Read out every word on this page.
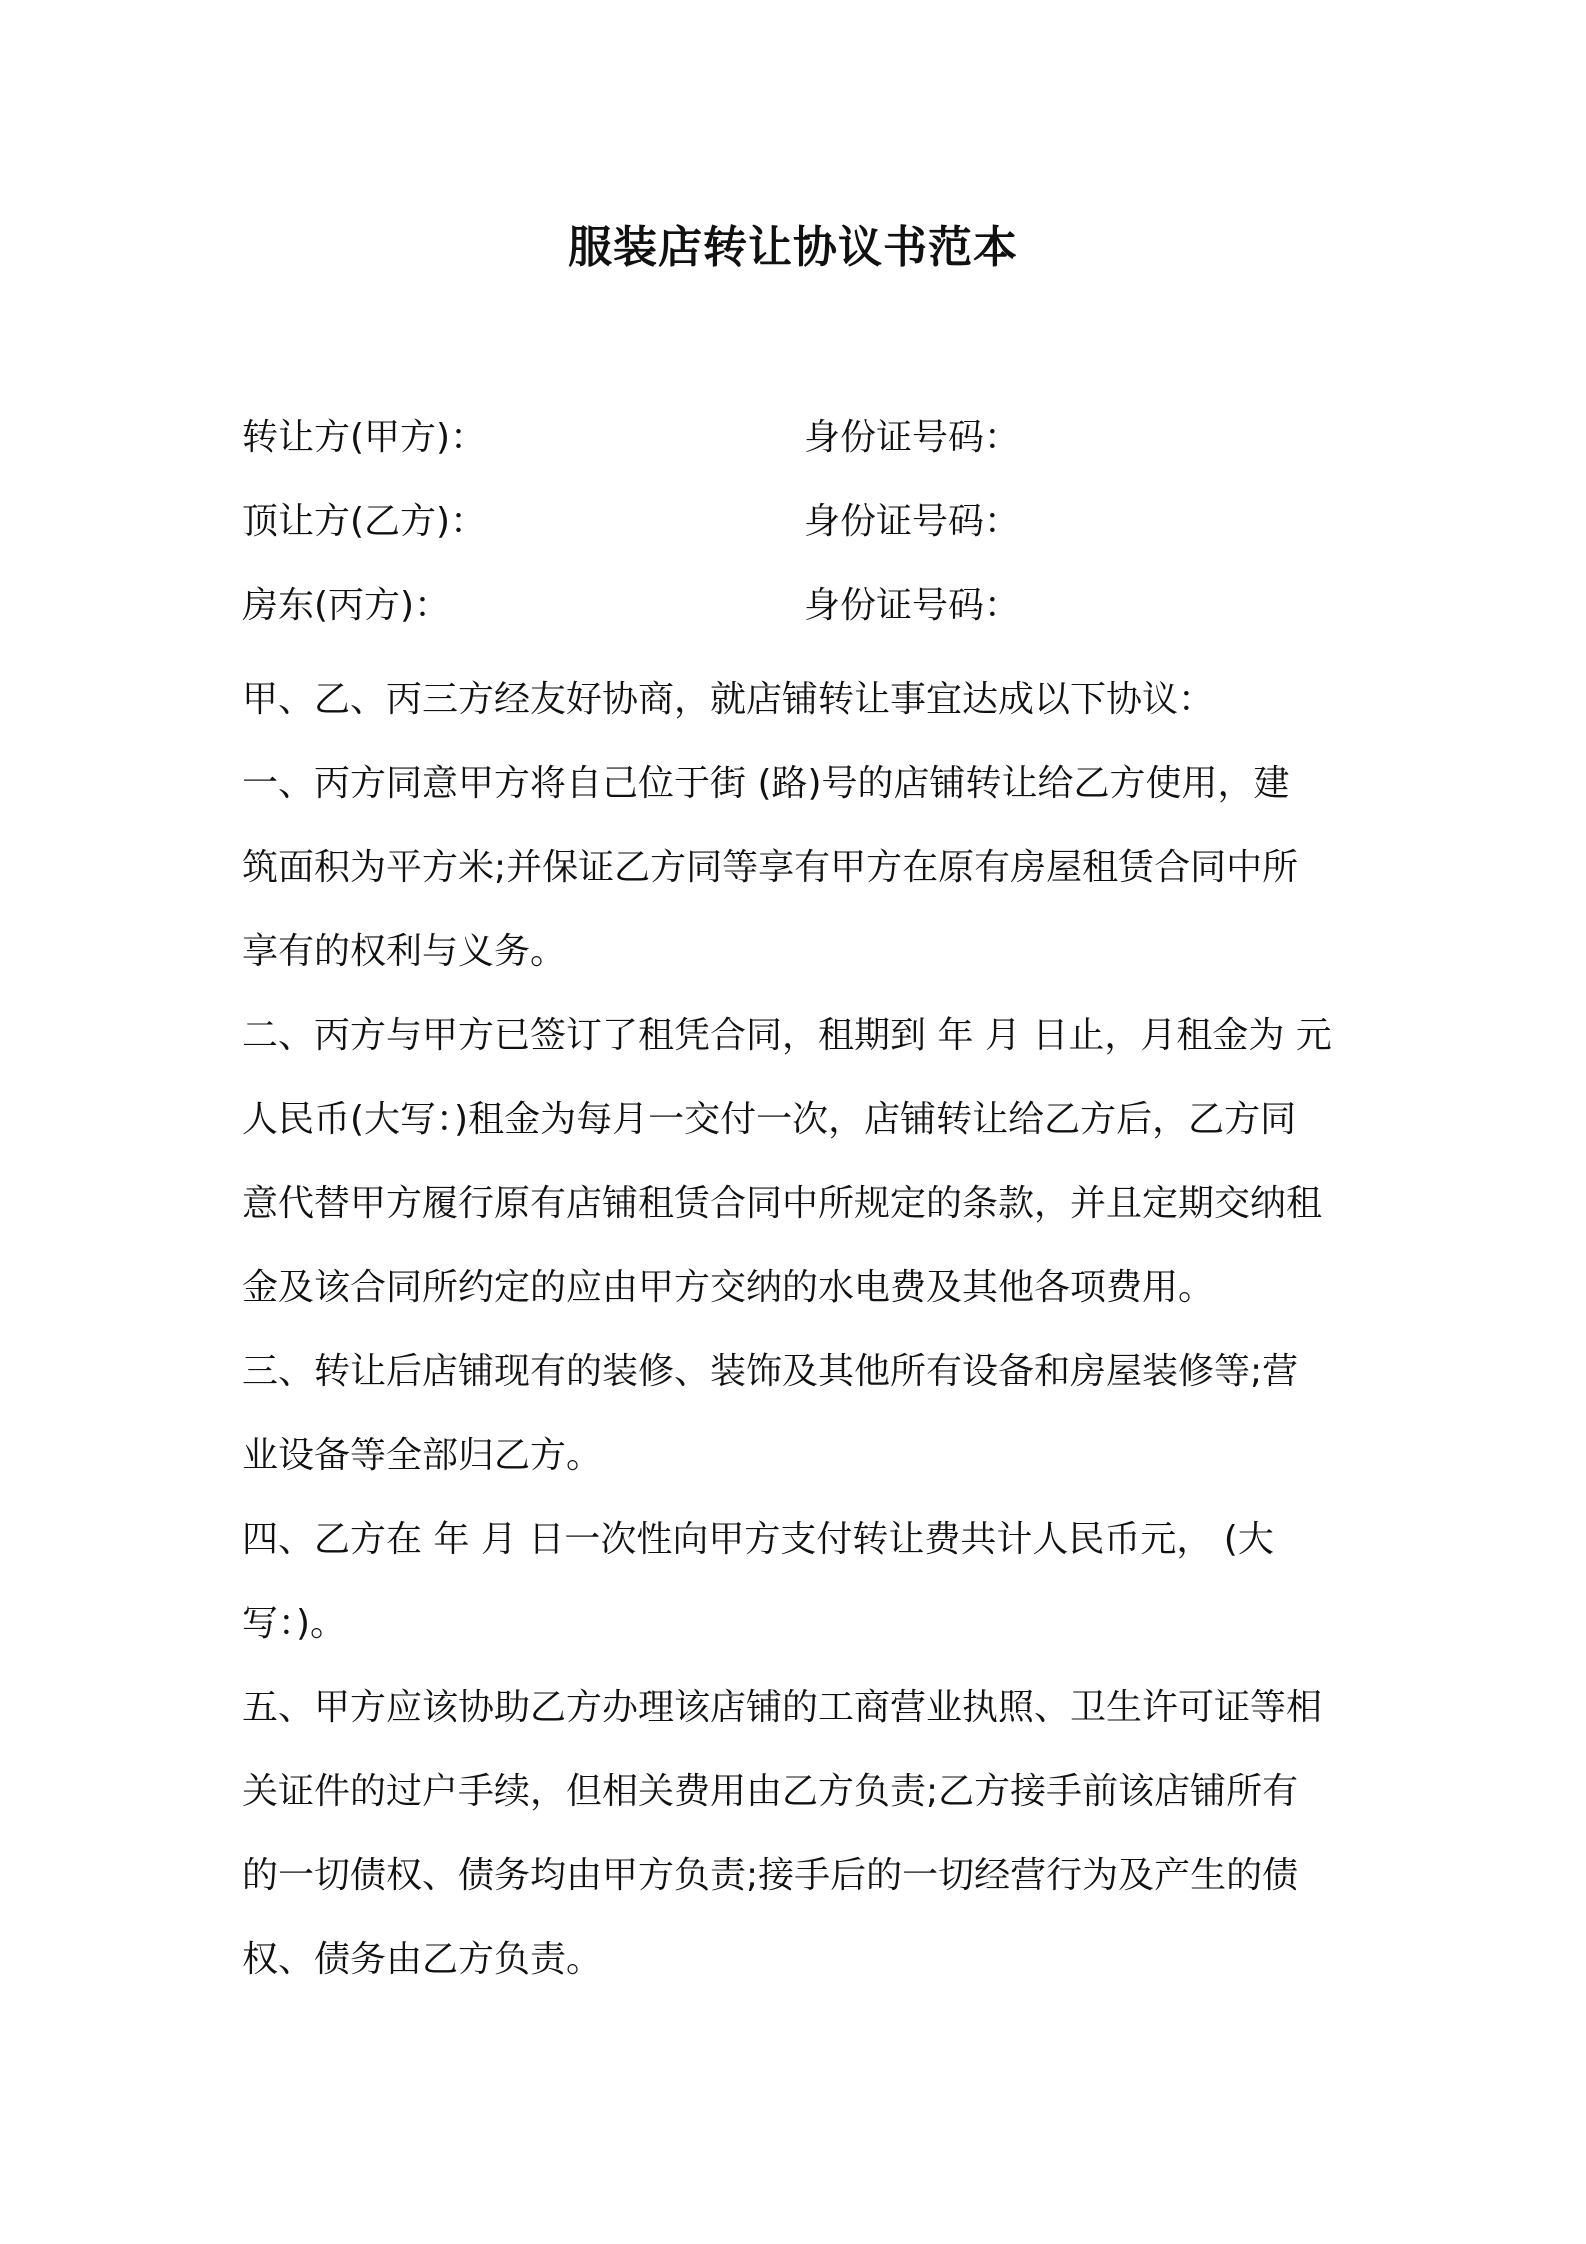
服装店转让协议书范本
转让方(甲方)：	身份证号码：
顶让方(乙方)：	身份证号码：
房东(丙方)：	身份证号码：
甲、乙、丙三方经友好协商，就店铺转让事宜达成以下协议：
一、丙方同意甲方将自己位于街 (路)号的店铺转让给乙方使用，建
筑面积为平方米;并保证乙方同等享有甲方在原有房屋租赁合同中所
享有的权利与义务。
二、丙方与甲方已签订了租凭合同，租期到 年 月 日止，月租金为 元
人民币(大写：)租金为每月一交付一次，店铺转让给乙方后，乙方同
意代替甲方履行原有店铺租赁合同中所规定的条款，并且定期交纳租
金及该合同所约定的应由甲方交纳的水电费及其他各项费用。
三、转让后店铺现有的装修、装饰及其他所有设备和房屋装修等;营
业设备等全部归乙方。
四、乙方在 年 月 日一次性向甲方支付转让费共计人民币元， (大
写：)。
五、甲方应该协助乙方办理该店铺的工商营业执照、卫生许可证等相
关证件的过户手续，但相关费用由乙方负责;乙方接手前该店铺所有
的一切债权、债务均由甲方负责;接手后的一切经营行为及产生的债
权、债务由乙方负责。
